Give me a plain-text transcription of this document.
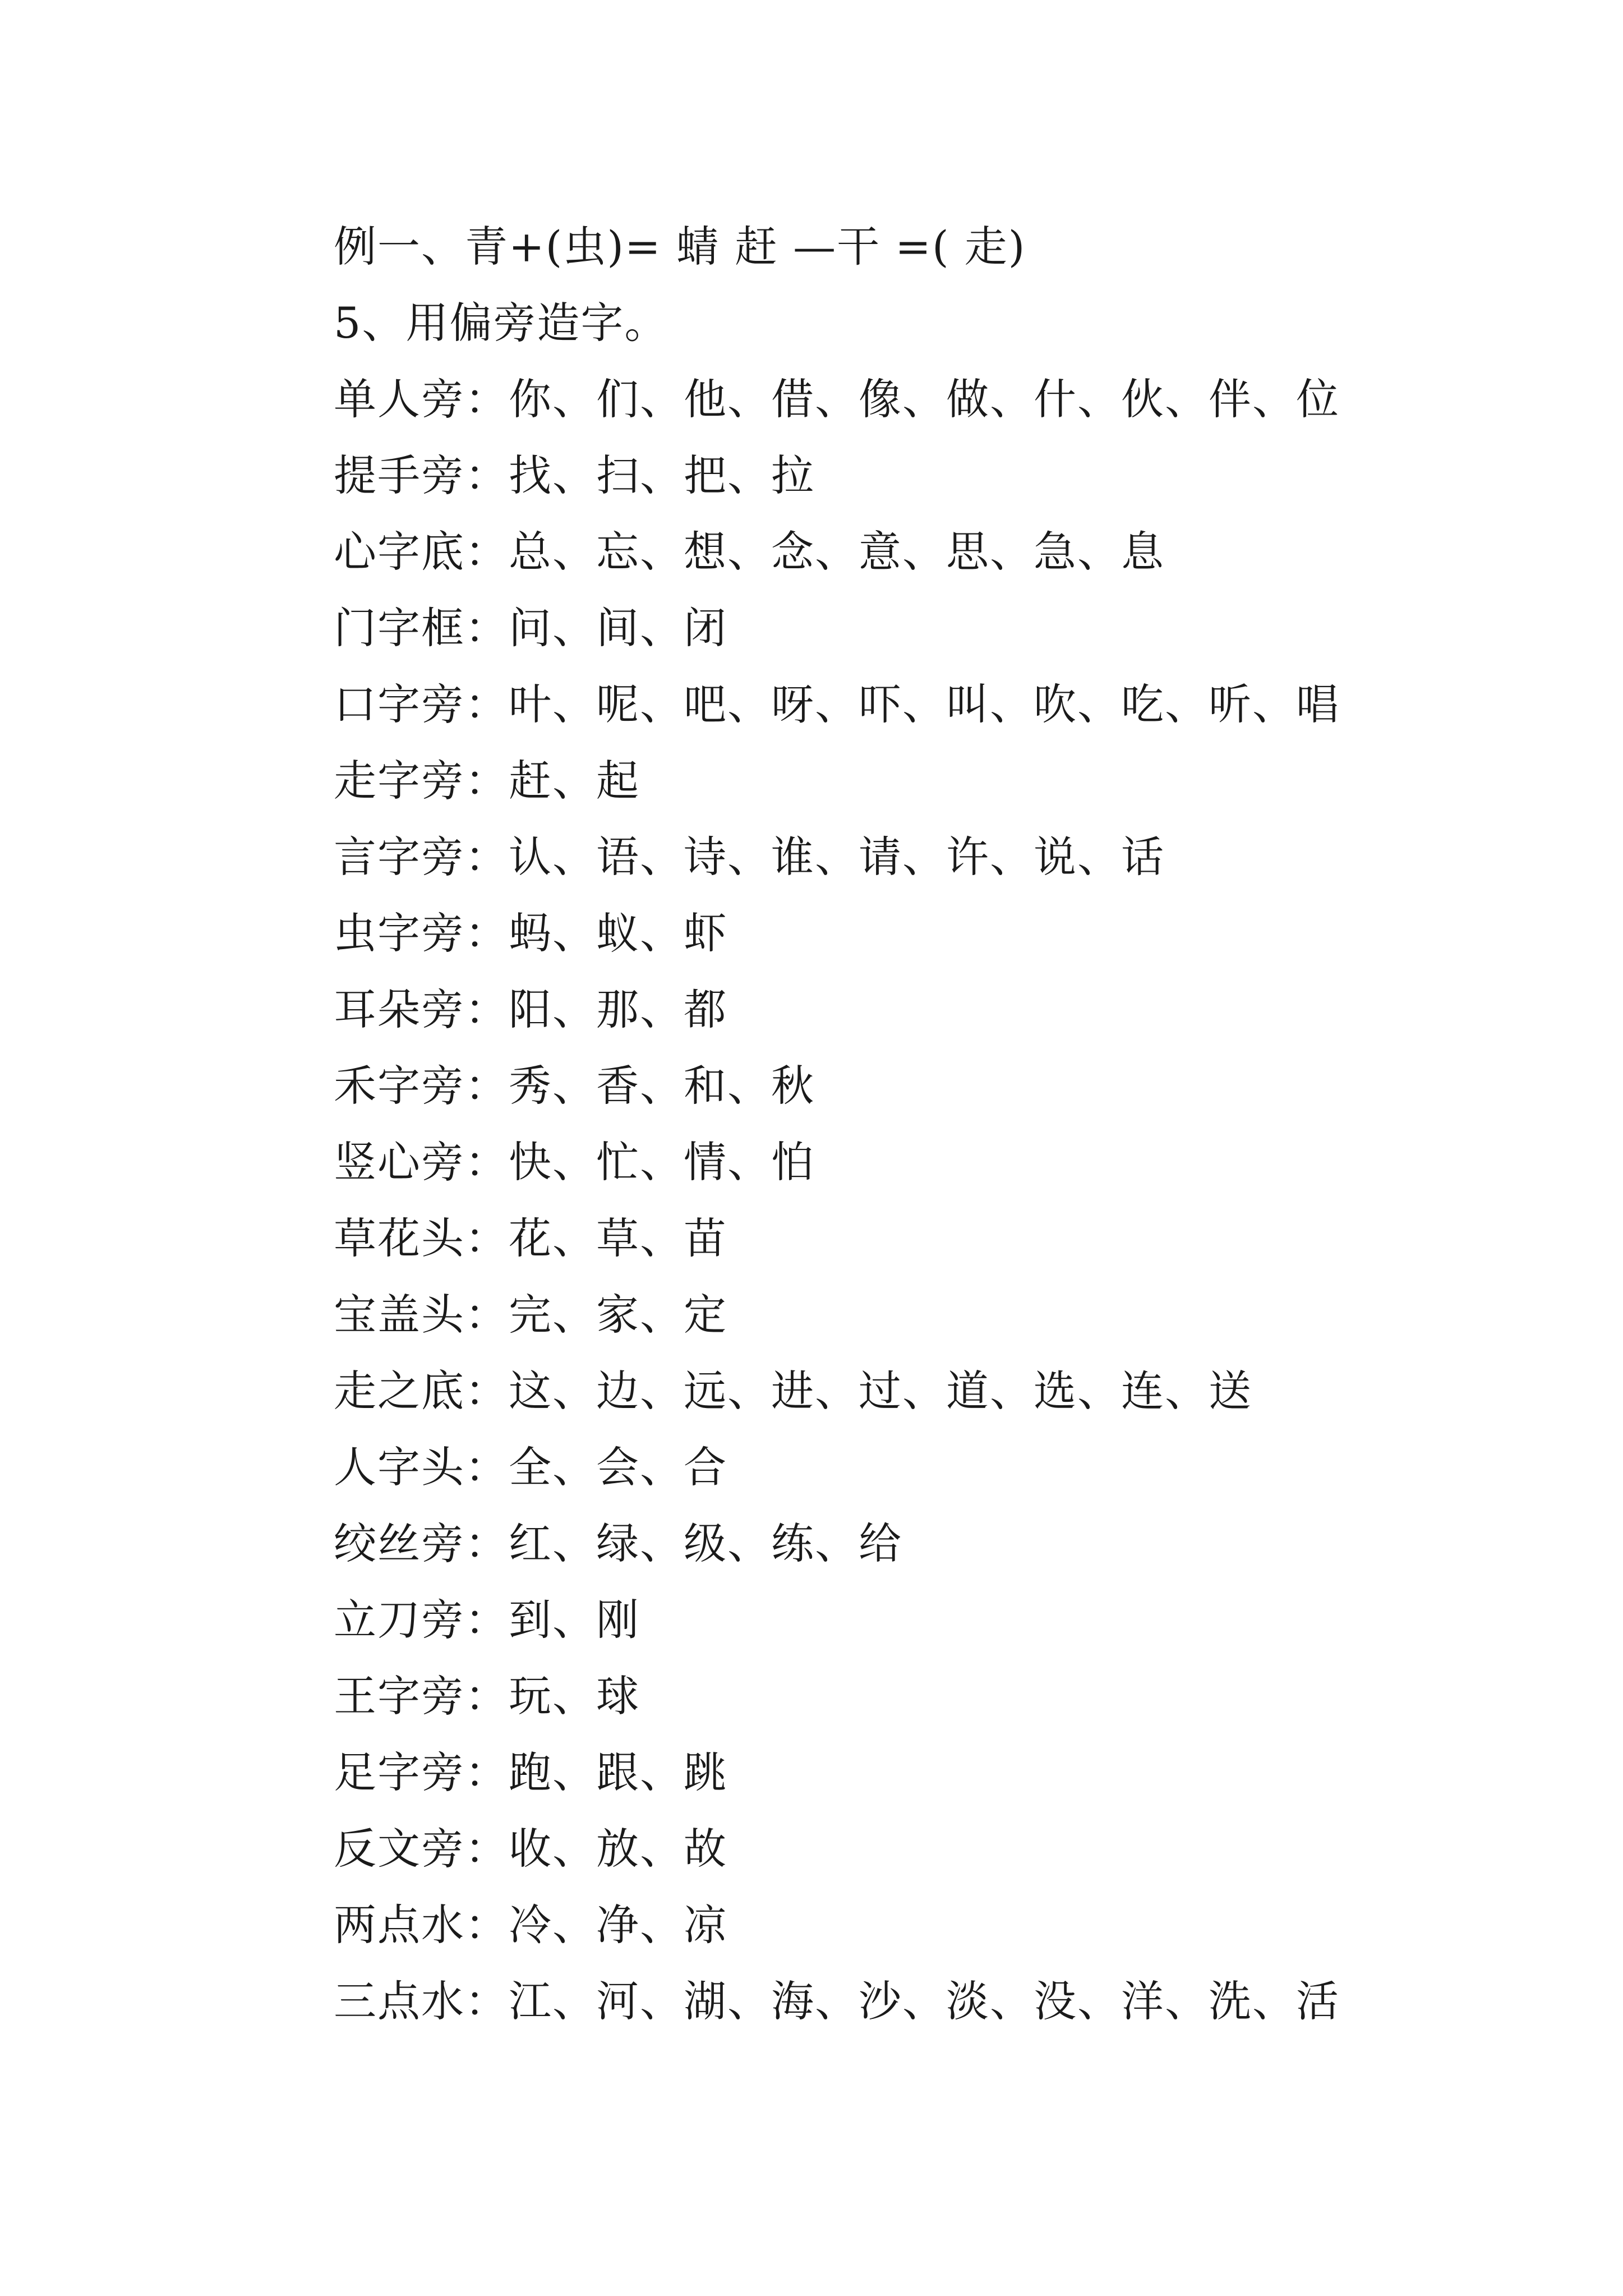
例一、青+(虫)= 蜻 赶 —干 =( 走)
5、用偏旁造字。
单人旁：你、们、他、借、像、做、什、伙、伴、位
提手旁：找、扫、把、拉
心字底：总、忘、想、念、意、思、急、息
门字框：问、间、闭
口字旁：叶、呢、吧、呀、吓、叫、吹、吃、听、唱
走字旁：赶、起
言字旁：认、语、诗、谁、请、许、说、话
虫字旁：蚂、蚁、虾
耳朵旁：阳、那、都
禾字旁：秀、香、和、秋
竖心旁：快、忙、情、怕
草花头：花、草、苗
宝盖头：完、家、定
走之底：这、边、远、进、过、道、选、连、送
人字头：全、会、合
绞丝旁：红、绿、级、练、给
立刀旁：到、刚
王字旁：玩、球
足字旁：跑、跟、跳
反文旁：收、放、故
两点水：冷、净、凉
三点水：江、河、湖、海、沙、淡、没、洋、洗、活
